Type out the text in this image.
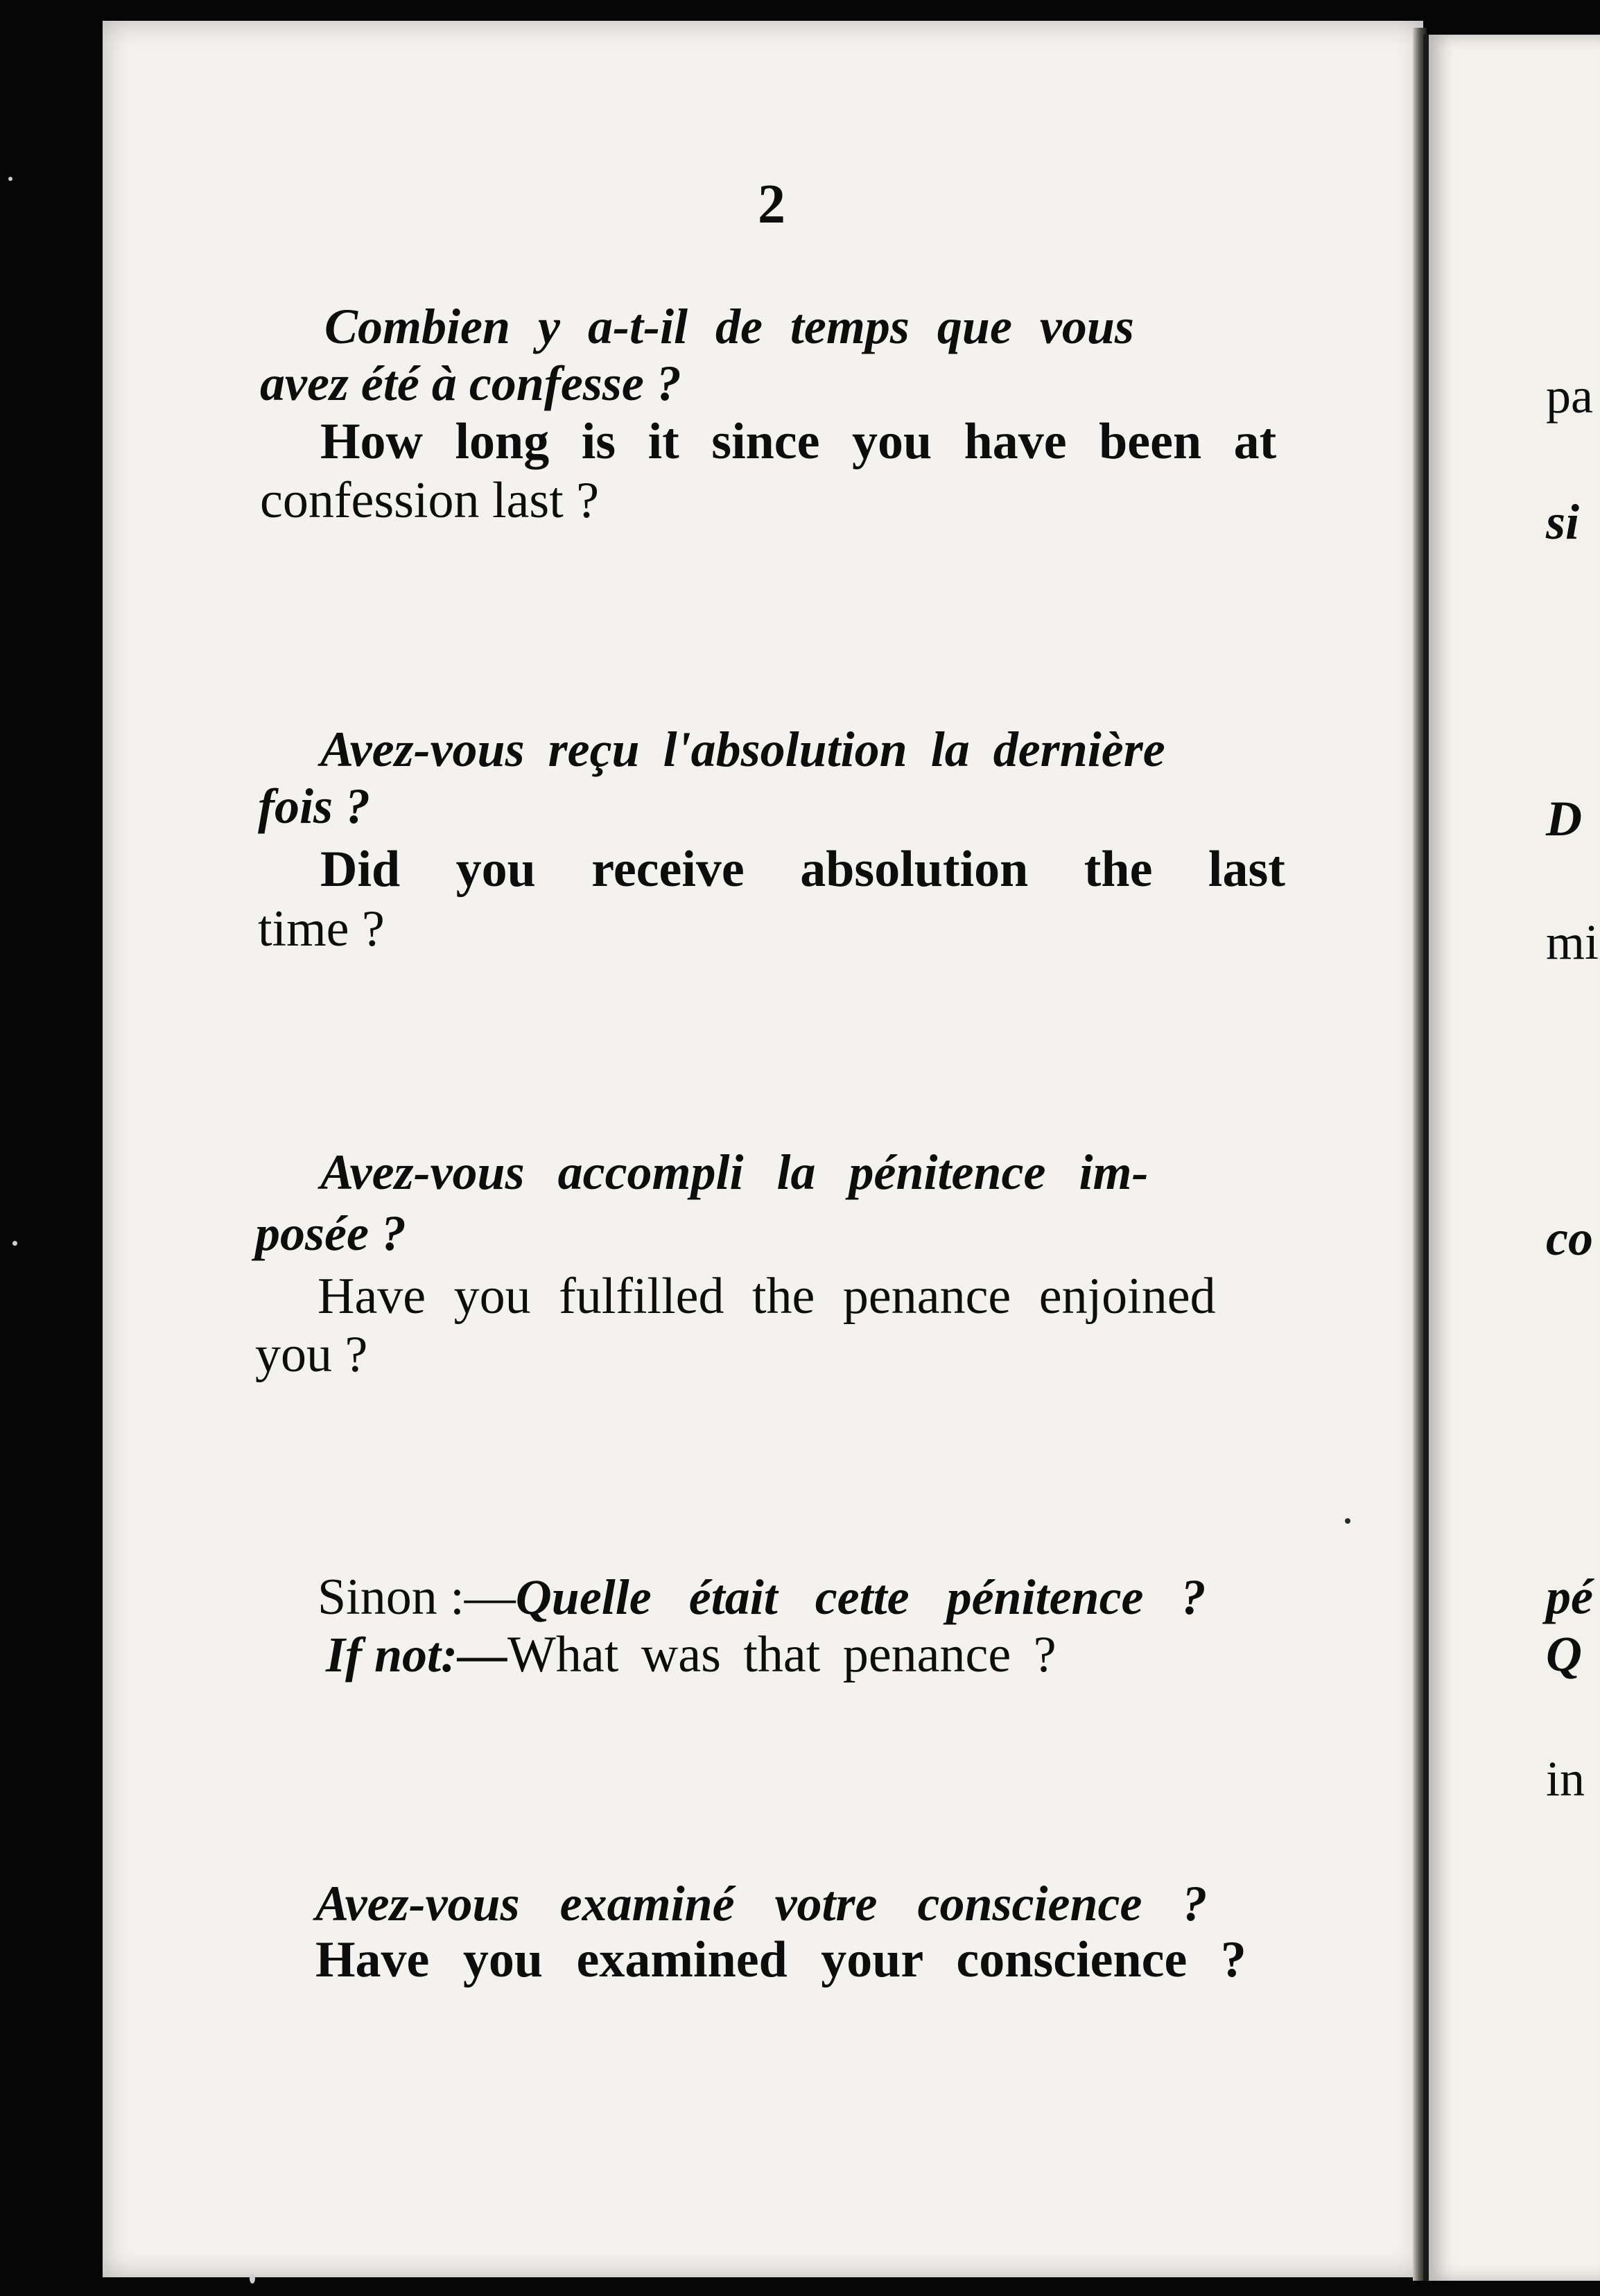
2
Combien y a-t-il de temps que vous
avez été à confesse ?
How long is it since you have been at
confession last ?
Avez-vous reçu l'absolution la dernière
fois ?
Did you receive absolution the last
time ?
Avez-vous accompli la pénitence im-
posée ?
Have you fulfilled the penance enjoined
you ?
Sinon :—Quelle était cette pénitence ?
If not:—What was that penance ?
Avez-vous examiné votre conscience ?
Have you examined your conscience ?
pa
si
D
mi
co
pé
Q
in
